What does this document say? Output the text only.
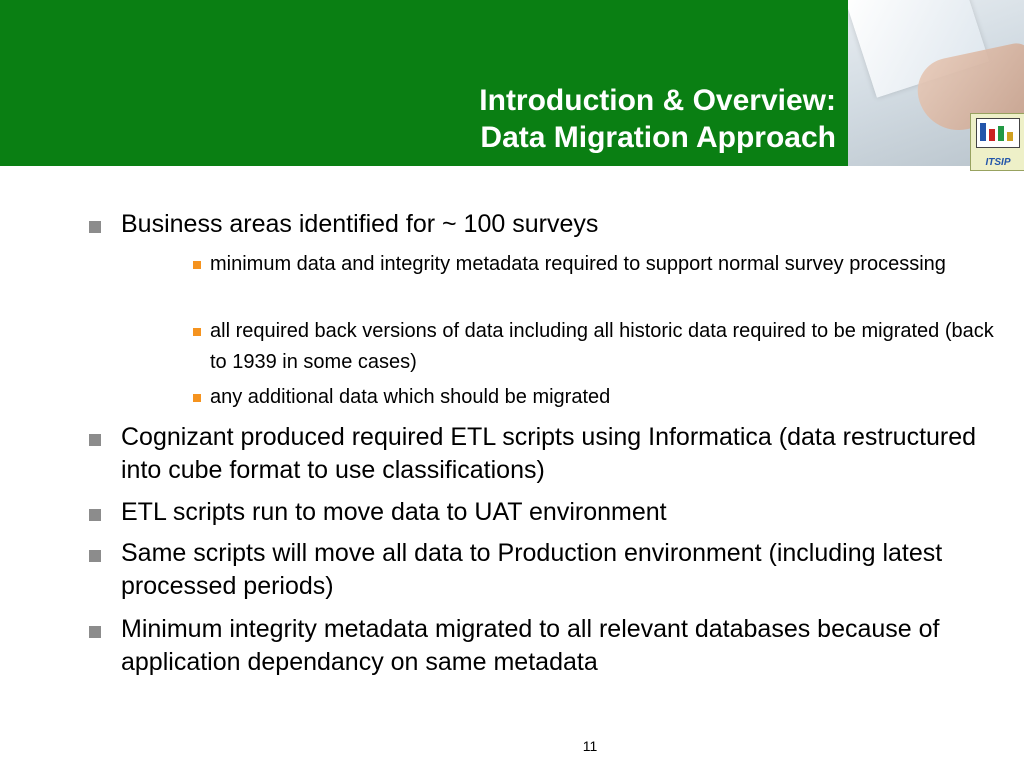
Introduction & Overview:
Data Migration Approach
ITSIP
Business areas identified for ~ 100 surveys
minimum data and integrity metadata required to support normal survey processing
all required back versions of data including all historic data required to be migrated (back to 1939 in some cases)
any additional data which should be migrated
Cognizant produced required ETL scripts using Informatica (data restructured into cube format to use classifications)
ETL scripts run to move data to UAT environment
Same scripts will move all data to Production environment (including latest processed periods)
Minimum integrity metadata migrated to all relevant databases because of application dependancy on same metadata
11
